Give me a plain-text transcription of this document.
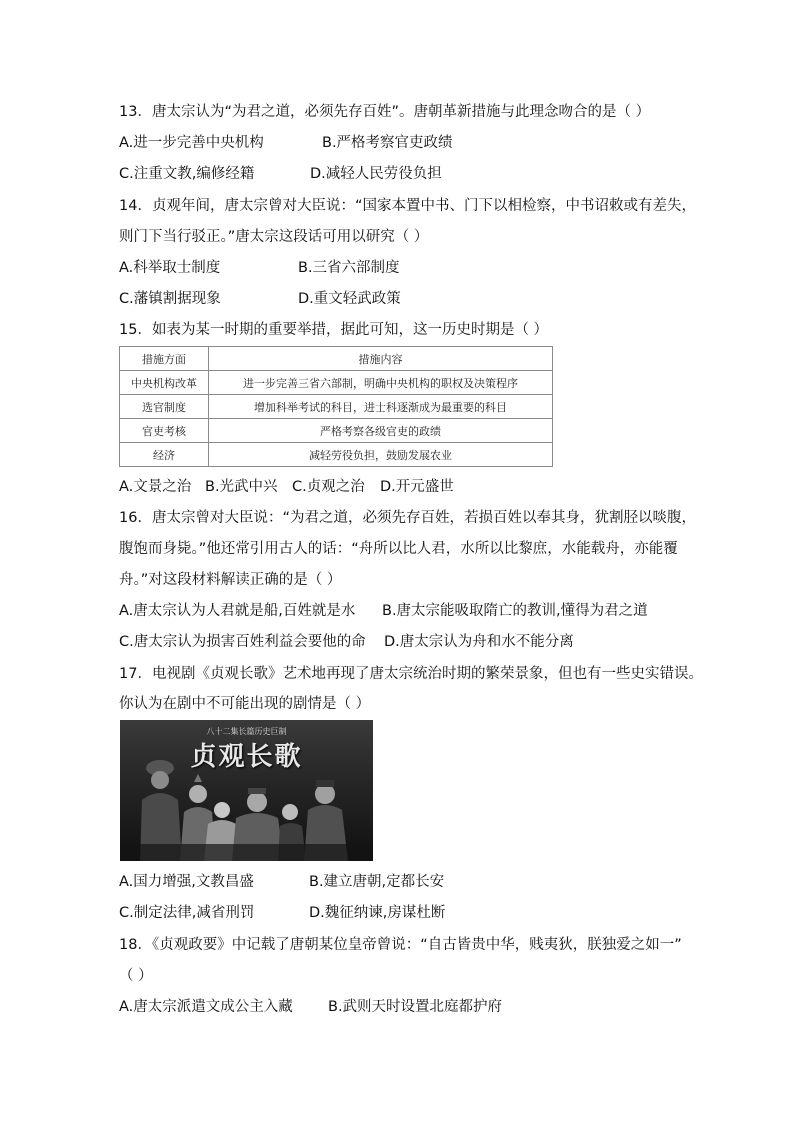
13．唐太宗认为“为君之道，必须先存百姓”。唐朝革新措施与此理念吻合的是（ ）
A.进一步完善中央机构	B.严格考察官吏政绩
C.注重文教,编修经籍	D.减轻人民劳役负担
14．贞观年间，唐太宗曾对大臣说：“国家本置中书、门下以相检察，中书诏敕或有差失，
则门下当行驳正。”唐太宗这段话可用以研究（ ）
A.科举取士制度	B.三省六部制度
C.藩镇割据现象	D.重文轻武政策
15．如表为某一时期的重要举措，据此可知，这一历史时期是（ ）
措施方面	措施内容
中央机构改革	进一步完善三省六部制，明确中央机构的职权及决策程序
选官制度	增加科举考试的科目，进士科逐渐成为最重要的科目
官吏考核	严格考察各级官吏的政绩
经济	减轻劳役负担，鼓励发展农业
A.文景之治 B.光武中兴 C.贞观之治 D.开元盛世
16．唐太宗曾对大臣说：“为君之道，必须先存百姓，若损百姓以奉其身，犹割胫以啖腹，
腹饱而身毙。”他还常引用古人的话：“舟所以比人君，水所以比黎庶，水能载舟，亦能覆
舟。”对这段材料解读正确的是（ ）
A.唐太宗认为人君就是船,百姓就是水 B.唐太宗能吸取隋亡的教训,懂得为君之道
C.唐太宗认为损害百姓利益会要他的命 D.唐太宗认为舟和水不能分离
17．电视剧《贞观长歌》艺术地再现了唐太宗统治时期的繁荣景象，但也有一些史实错误。
你认为在剧中不可能出现的剧情是（ ）
八十二集长篇历史巨制
贞观长歌
A.国力增强,文教昌盛	B.建立唐朝,定都长安
C.制定法律,减省刑罚	D.魏征纳谏,房谋杜断
18．《贞观政要》中记载了唐朝某位皇帝曾说：“自古皆贵中华，贱夷狄，朕独爱之如一”
（ ）
A.唐太宗派遣文成公主入藏 B.武则天时设置北庭都护府
